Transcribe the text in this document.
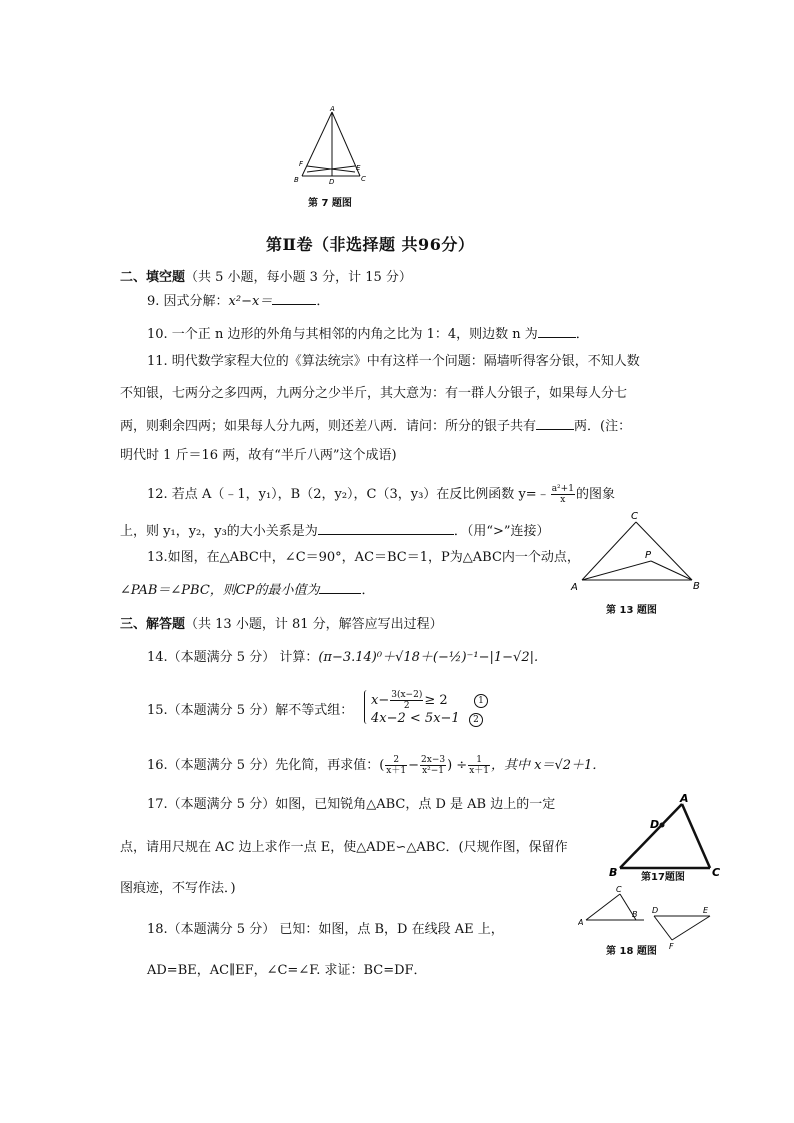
A
F	E
B	D	C
第 7 题图
第Ⅱ卷（非选择题 共96分）
二、填空题（共 5 小题，每小题 3 分，计 15 分）
9. 因式分解：x²−x＝	．
10. 一个正 n 边形的外角与其相邻的内角之比为 1：4，则边数 n 为	．
11. 明代数学家程大位的《算法统宗》中有这样一个问题：隔墙听得客分银，不知人数
不知银，七两分之多四两，九两分之少半斤，其大意为：有一群人分银子，如果每人分七
两，则剩余四两；如果每人分九两，则还差八两．请问：所分的银子共有	两．(注：
明代时 1 斤＝16 两，故有“半斤八两”这个成语)
12. 若点 A（﹣1，y₁），B（2，y₂），C（3，y₃）在反比例函数 y=﹣ $\frac{\text{a²+1}}{x}$ 的图象
上，则 y₁，y₂，y₃的大小关系是为	．（用“>”连接）
13.如图，在△ABC中，∠C＝90°，AC＝BC＝1，P为△ABC内一个动点，
∠PAB＝∠PBC，则CP的最小值为	．
C
P
A	B
第 13 题图
三、解答题（共 13 小题，计 81 分，解答应写出过程）
14.（本题满分 5 分） 计算：(π−3.14)⁰＋√18＋(−½)⁻¹−|1−√2|.
15.（本题满分 5 分）解不等式组：
$x- \frac{3(x-2)}{2} \ge 2$
4x−2 < 5x−1
1
2
16.（本题满分 5 分）先化简，再求值：( $\frac{2}{x+1} - \frac{2x-3}{\text{x²−1}}$ ) ÷ $\frac{1}{x+1}$ ，其中 x＝√2＋1．
17.（本题满分 5 分）如图，已知锐角△ABC，点 D 是 AB 边上的一定
点，请用尺规在 AC 边上求作一点 E，使△ADE∽△ABC．(尺规作图，保留作
图痕迹，不写作法．)
A
D
B	C
第17题图
18.（本题满分 5 分） 已知：如图，点 B，D 在线段 AE 上，
AD=BE，AC∥EF，∠C=∠F. 求证：BC=DF．
C
A
B D	E
F
第 18 题图
